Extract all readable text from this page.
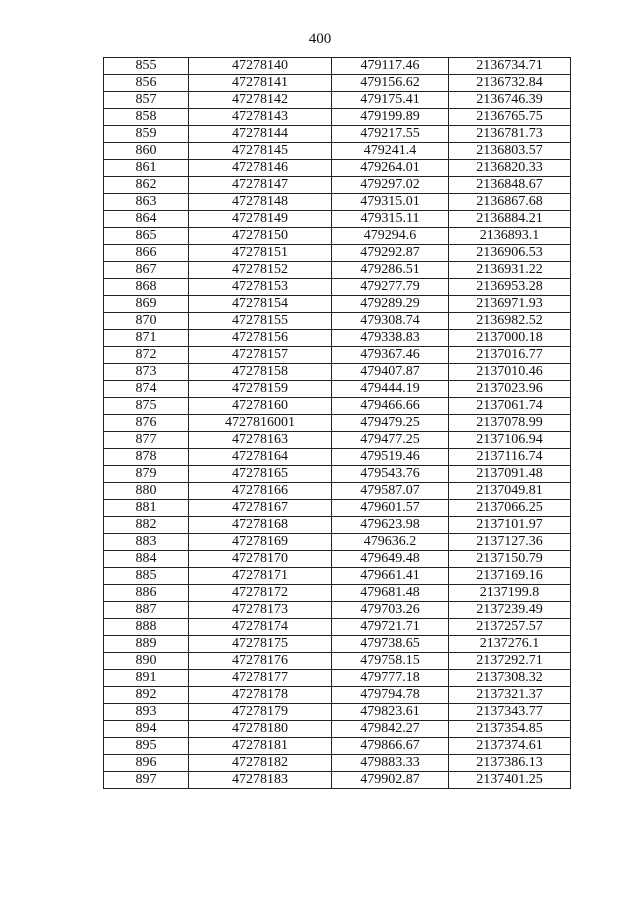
400
855	47278140	479117.46	2136734.71
856	47278141	479156.62	2136732.84
857	47278142	479175.41	2136746.39
858	47278143	479199.89	2136765.75
859	47278144	479217.55	2136781.73
860	47278145	479241.4	2136803.57
861	47278146	479264.01	2136820.33
862	47278147	479297.02	2136848.67
863	47278148	479315.01	2136867.68
864	47278149	479315.11	2136884.21
865	47278150	479294.6	2136893.1
866	47278151	479292.87	2136906.53
867	47278152	479286.51	2136931.22
868	47278153	479277.79	2136953.28
869	47278154	479289.29	2136971.93
870	47278155	479308.74	2136982.52
871	47278156	479338.83	2137000.18
872	47278157	479367.46	2137016.77
873	47278158	479407.87	2137010.46
874	47278159	479444.19	2137023.96
875	47278160	479466.66	2137061.74
876	4727816001	479479.25	2137078.99
877	47278163	479477.25	2137106.94
878	47278164	479519.46	2137116.74
879	47278165	479543.76	2137091.48
880	47278166	479587.07	2137049.81
881	47278167	479601.57	2137066.25
882	47278168	479623.98	2137101.97
883	47278169	479636.2	2137127.36
884	47278170	479649.48	2137150.79
885	47278171	479661.41	2137169.16
886	47278172	479681.48	2137199.8
887	47278173	479703.26	2137239.49
888	47278174	479721.71	2137257.57
889	47278175	479738.65	2137276.1
890	47278176	479758.15	2137292.71
891	47278177	479777.18	2137308.32
892	47278178	479794.78	2137321.37
893	47278179	479823.61	2137343.77
894	47278180	479842.27	2137354.85
895	47278181	479866.67	2137374.61
896	47278182	479883.33	2137386.13
897	47278183	479902.87	2137401.25
